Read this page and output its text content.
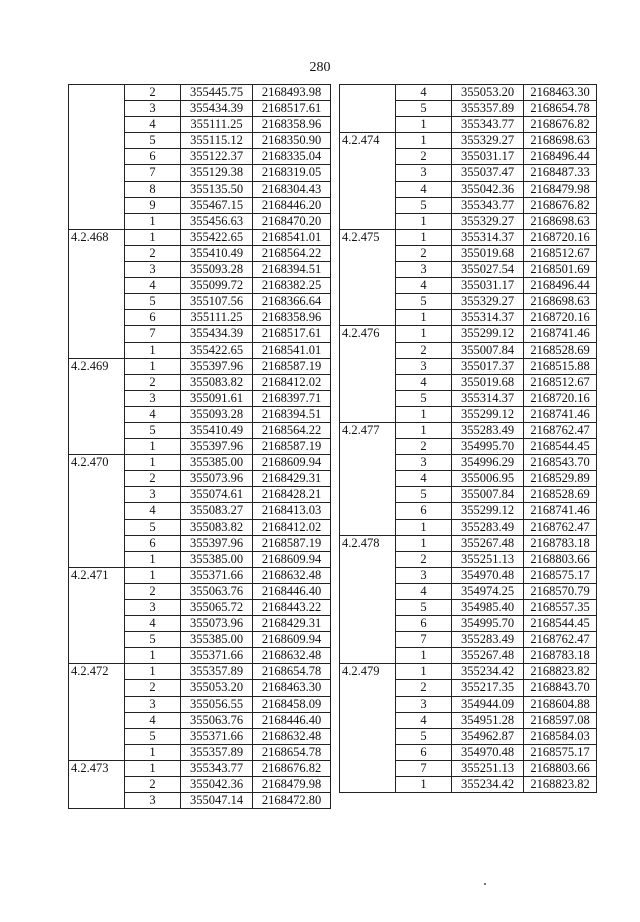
280
	2	355445.75	2168493.98
	3	355434.39	2168517.61
	4	355111.25	2168358.96
	5	355115.12	2168350.90
	6	355122.37	2168335.04
	7	355129.38	2168319.05
	8	355135.50	2168304.43
	9	355467.15	2168446.20
	1	355456.63	2168470.20
4.2.468	1	355422.65	2168541.01
	2	355410.49	2168564.22
	3	355093.28	2168394.51
	4	355099.72	2168382.25
	5	355107.56	2168366.64
	6	355111.25	2168358.96
	7	355434.39	2168517.61
	1	355422.65	2168541.01
4.2.469	1	355397.96	2168587.19
	2	355083.82	2168412.02
	3	355091.61	2168397.71
	4	355093.28	2168394.51
	5	355410.49	2168564.22
	1	355397.96	2168587.19
4.2.470	1	355385.00	2168609.94
	2	355073.96	2168429.31
	3	355074.61	2168428.21
	4	355083.27	2168413.03
	5	355083.82	2168412.02
	6	355397.96	2168587.19
	1	355385.00	2168609.94
4.2.471	1	355371.66	2168632.48
	2	355063.76	2168446.40
	3	355065.72	2168443.22
	4	355073.96	2168429.31
	5	355385.00	2168609.94
	1	355371.66	2168632.48
4.2.472	1	355357.89	2168654.78
	2	355053.20	2168463.30
	3	355056.55	2168458.09
	4	355063.76	2168446.40
	5	355371.66	2168632.48
	1	355357.89	2168654.78
4.2.473	1	355343.77	2168676.82
	2	355042.36	2168479.98
	3	355047.14	2168472.80
	4	355053.20	2168463.30
	5	355357.89	2168654.78
	1	355343.77	2168676.82
4.2.474	1	355329.27	2168698.63
	2	355031.17	2168496.44
	3	355037.47	2168487.33
	4	355042.36	2168479.98
	5	355343.77	2168676.82
	1	355329.27	2168698.63
4.2.475	1	355314.37	2168720.16
	2	355019.68	2168512.67
	3	355027.54	2168501.69
	4	355031.17	2168496.44
	5	355329.27	2168698.63
	1	355314.37	2168720.16
4.2.476	1	355299.12	2168741.46
	2	355007.84	2168528.69
	3	355017.37	2168515.88
	4	355019.68	2168512.67
	5	355314.37	2168720.16
	1	355299.12	2168741.46
4.2.477	1	355283.49	2168762.47
	2	354995.70	2168544.45
	3	354996.29	2168543.70
	4	355006.95	2168529.89
	5	355007.84	2168528.69
	6	355299.12	2168741.46
	1	355283.49	2168762.47
4.2.478	1	355267.48	2168783.18
	2	355251.13	2168803.66
	3	354970.48	2168575.17
	4	354974.25	2168570.79
	5	354985.40	2168557.35
	6	354995.70	2168544.45
	7	355283.49	2168762.47
	1	355267.48	2168783.18
4.2.479	1	355234.42	2168823.82
	2	355217.35	2168843.70
	3	354944.09	2168604.88
	4	354951.28	2168597.08
	5	354962.87	2168584.03
	6	354970.48	2168575.17
	7	355251.13	2168803.66
	1	355234.42	2168823.82
